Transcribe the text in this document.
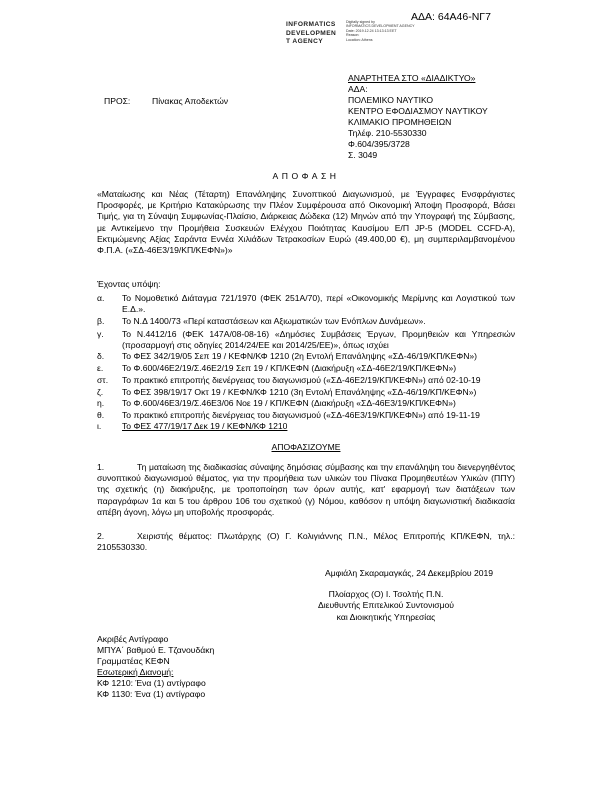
ΑΔΑ: 64Α46-ΝΓ7
INFORMATICS
DEVELOPMEN
T AGENCY
Digitally signed by
INFORMATICS DEVELOPMENT AGENCY
Date: 2019.12.24 13:13:13 EET
Reason:
Location: Athens
ΑΝΑΡΤΗΤΕΑ ΣΤΟ «ΔΙΑΔΙΚΤΥΟ»
ΑΔΑ:
ΠΟΛΕΜΙΚΟ ΝΑΥΤΙΚΟ
ΚΕΝΤΡΟ ΕΦΟΔΙΑΣΜΟΥ ΝΑΥΤΙΚΟΥ
ΚΛΙΜΑΚΙΟ ΠΡΟΜΗΘΕΙΩΝ
Τηλέφ. 210-5530330
Φ.604/395/3728
Σ. 3049
ΠΡΟΣ:	Πίνακας Αποδεκτών
ΑΠΟΦΑΣΗ
«Ματαίωσης και Νέας (Τέταρτη) Επανάληψης Συνοπτικού Διαγωνισμού, με Έγγραφες Ενσφράγιστες Προσφορές, με Κριτήριο Κατακύρωσης την Πλέον Συμφέρουσα από Οικονομική Άποψη Προσφορά, Βάσει Τιμής, για τη Σύναψη Συμφωνίας-Πλαίσιο, Διάρκειας Δώδεκα (12) Μηνών από την Υπογραφή της Σύμβασης, με Αντικείμενο την Προμήθεια Συσκευών Ελέγχου Ποιότητας Καυσίμου Ε/Π JP-5 (MODEL CCFD-A), Εκτιμώμενης Αξίας Σαράντα Εννέα Χιλιάδων Τετρακοσίων Ευρώ (49.400,00 €), μη συμπεριλαμβανομένου Φ.Π.Α. («ΣΔ-46Ε3/19/ΚΠ/ΚΕΦΝ»)»
Έχοντας υπόψη:
α. Το Νομοθετικό Διάταγμα 721/1970 (ΦΕΚ 251Α/70), περί «Οικονομικής Μερίμνης και Λογιστικού των Ε.Δ.».
β. Το Ν.Δ 1400/73 «Περί καταστάσεων και Αξιωματικών των Ενόπλων Δυνάμεων».
γ. Το Ν.4412/16 (ΦΕΚ 147Α/08-08-16) «Δημόσιες Συμβάσεις Έργων, Προμηθειών και Υπηρεσιών (προσαρμογή στις οδηγίες 2014/24/ΕΕ και 2014/25/ΕΕ)», όπως ισχύει
δ. Το ΦΕΣ 342/19/05 Σεπ 19 / ΚΕΦΝ/ΚΦ 1210 (2η Εντολή Επανάληψης «ΣΔ-46/19/ΚΠ/ΚΕΦΝ»)
ε. Το Φ.600/46Ε2/19/Σ.46Ε2/19 Σεπ 19 / ΚΠ/ΚΕΦΝ (Διακήρυξη «ΣΔ-46Ε2/19/ΚΠ/ΚΕΦΝ»)
στ. Το πρακτικό επιτροπής διενέργειας του διαγωνισμού («ΣΔ-46Ε2/19/ΚΠ/ΚΕΦΝ») από 02-10-19
ζ. Το ΦΕΣ 398/19/17 Οκτ 19 / ΚΕΦΝ/ΚΦ 1210 (3η Εντολή Επανάληψης «ΣΔ-46/19/ΚΠ/ΚΕΦΝ»)
η. Το Φ.600/46Ε3/19/Σ.46Ε3/06 Νοε 19 / ΚΠ/ΚΕΦΝ (Διακήρυξη «ΣΔ-46Ε3/19/ΚΠ/ΚΕΦΝ»)
θ. Το πρακτικό επιτροπής διενέργειας του διαγωνισμού («ΣΔ-46Ε3/19/ΚΠ/ΚΕΦΝ») από 19-11-19
ι. Το ΦΕΣ 477/19/17 Δεκ 19 / ΚΕΦΝ/ΚΦ 1210
ΑΠΟΦΑΣΙΖΟΥΜΕ
1.	Τη ματαίωση της διαδικασίας σύναψης δημόσιας σύμβασης και την επανάληψη του διενεργηθέντος συνοπτικού διαγωνισμού θέματος, για την προμήθεια των υλικών του Πίνακα Προμηθευτέων Υλικών (ΠΠΥ) της σχετικής (η) διακήρυξης, με τροποποίηση των όρων αυτής, κατ' εφαρμογή των διατάξεων των παραγράφων 1α και 5 του άρθρου 106 του σχετικού (γ) Νόμου, καθόσον η υπόψη διαγωνιστική διαδικασία απέβη άγονη, λόγω μη υποβολής προσφοράς.
2.	Χειριστής θέματος: Πλωτάρχης (Ο) Γ. Κολιγιάννης Π.Ν., Μέλος Επιτροπής ΚΠ/ΚΕΦΝ, τηλ.: 2105530330.
Αμφιάλη Σκαραμαγκάς, 24 Δεκεμβρίου 2019
Πλοίαρχος (Ο) Ι. Τσολτής Π.Ν.
Διευθυντής Επιτελικού Συντονισμού
και Διοικητικής Υπηρεσίας
Ακριβές Αντίγραφο
ΜΠΥΑ΄ βαθμού Ε. Τζανουδάκη
Γραμματέας ΚΕΦΝ
Εσωτερική Διανομή:
ΚΦ 1210: Ένα (1) αντίγραφο
ΚΦ 1130: Ένα (1) αντίγραφο
